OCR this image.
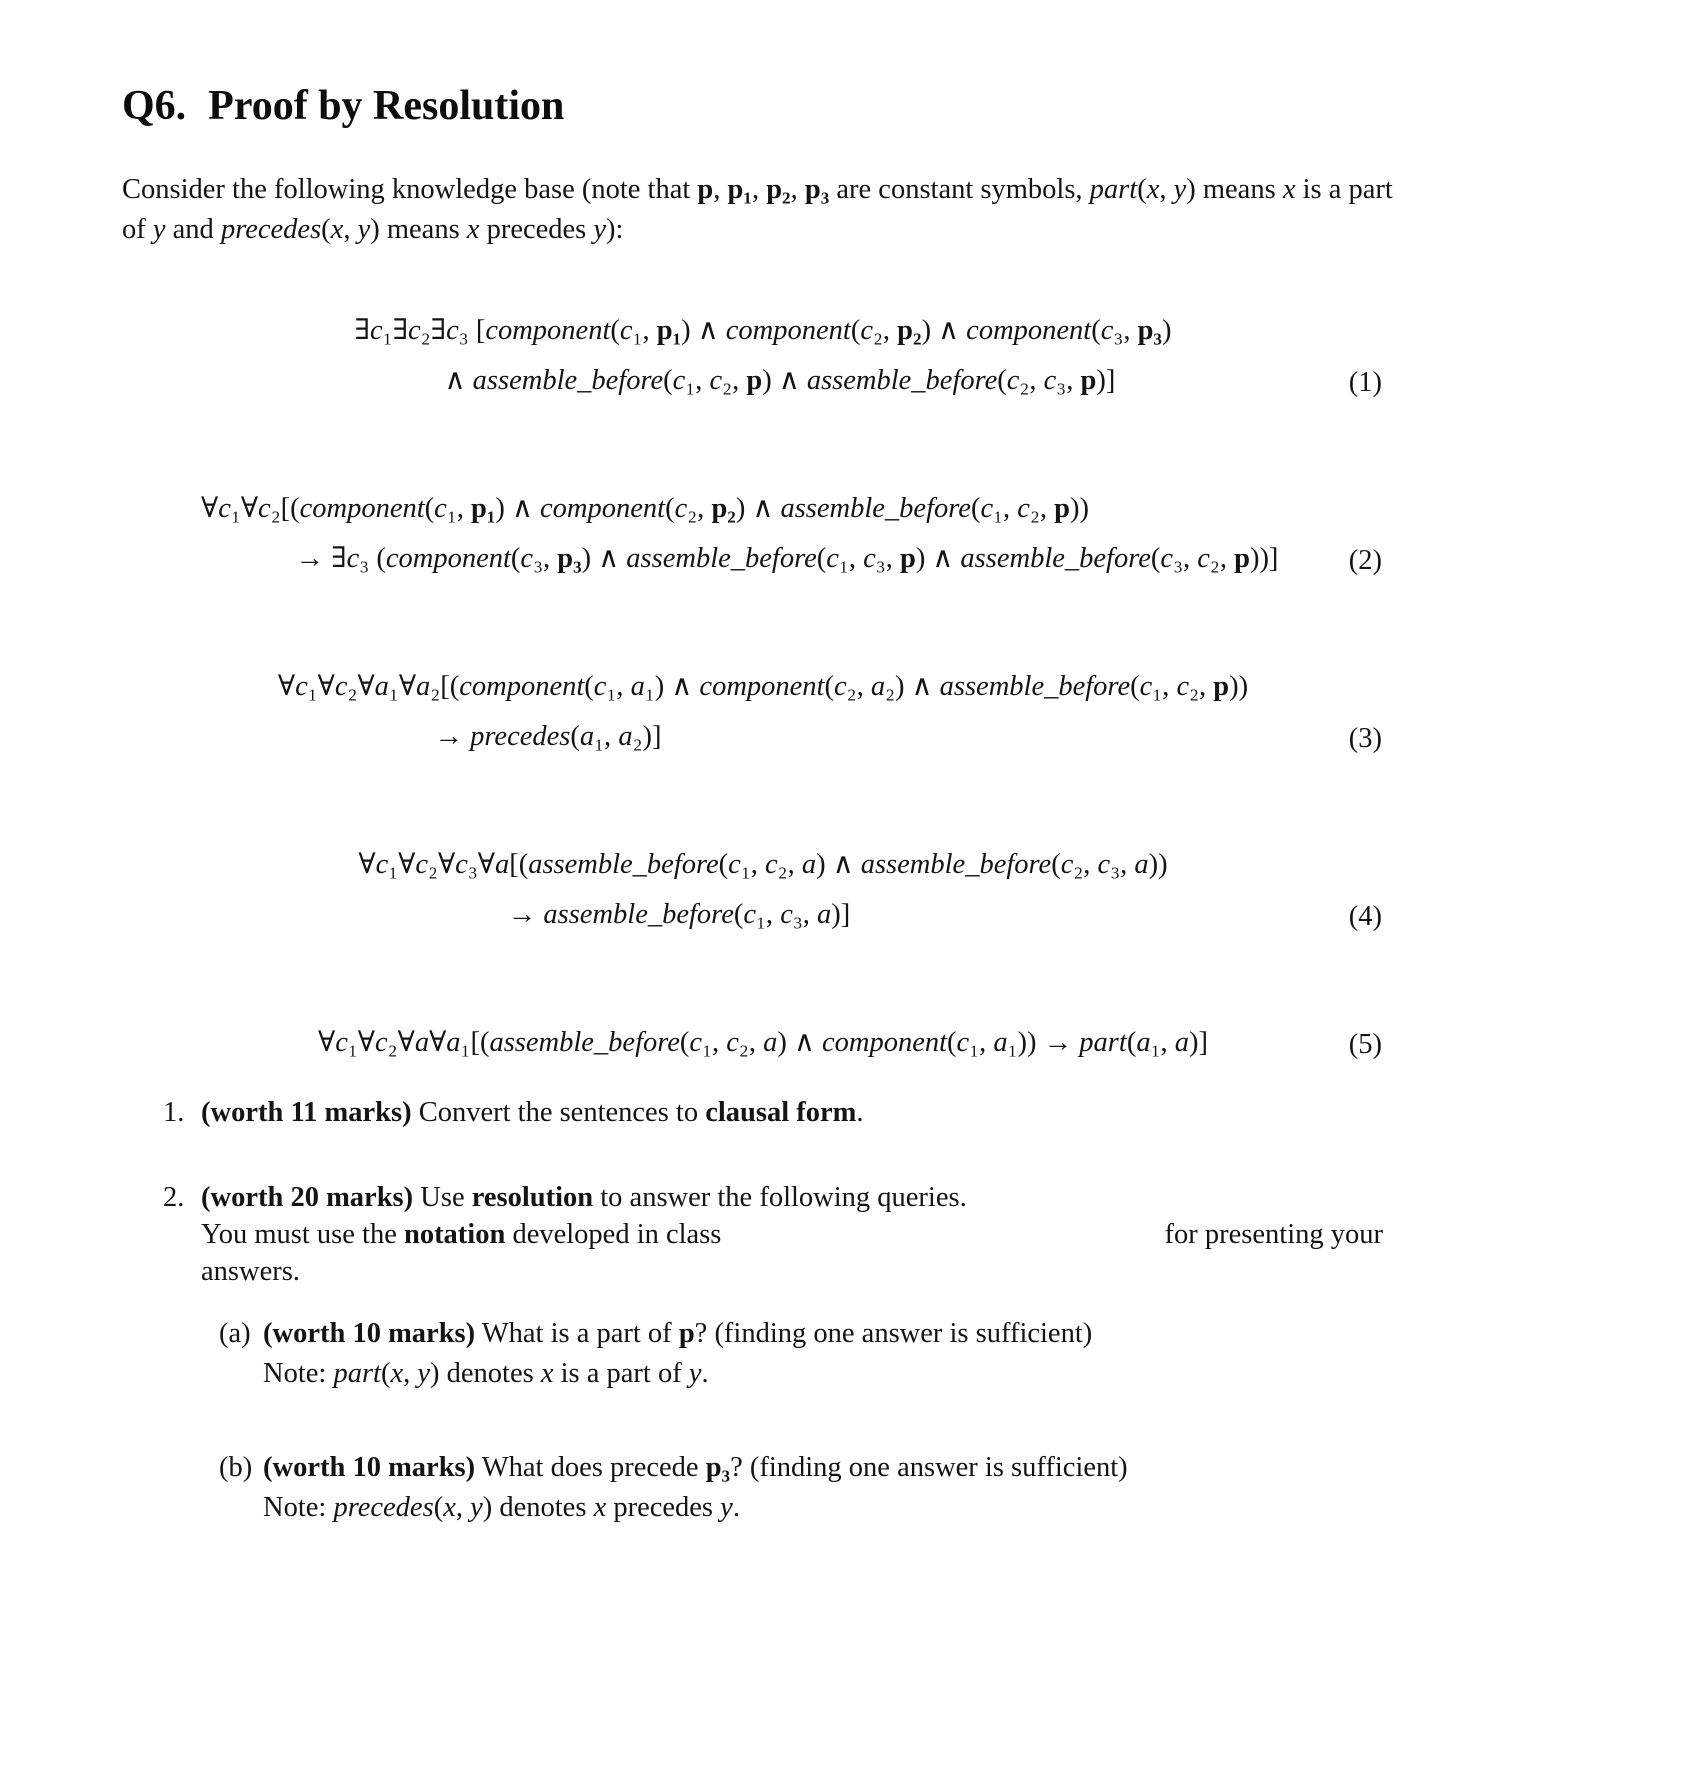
Q6. Proof by Resolution

Consider the following knowledge base (note that p, p₁, p₂, p₃ are constant symbols, part(x, y) means x is a part of y and precedes(x, y) means x precedes y):

∃c₁∃c₂∃c₃ [component(c₁, p₁) ∧ component(c₂, p₂) ∧ component(c₃, p₃)
∧ assemble_before(c₁, c₂, p) ∧ assemble_before(c₂, c₃, p)]	(1)
∀c₁∀c₂[(component(c₁, p₁) ∧ component(c₂, p₂) ∧ assemble_before(c₁, c₂, p))
→ ∃c₃ (component(c₃, p₃) ∧ assemble_before(c₁, c₃, p) ∧ assemble_before(c₃, c₂, p))]	(2)
∀c₁∀c₂∀a₁∀a₂[(component(c₁, a₁) ∧ component(c₂, a₂) ∧ assemble_before(c₁, c₂, p))
→ precedes(a₁, a₂)]	(3)
∀c₁∀c₂∀c₃∀a[(assemble_before(c₁, c₂, a) ∧ assemble_before(c₂, c₃, a))
→ assemble_before(c₁, c₃, a)]	(4)
∀c₁∀c₂∀a∀a₁[(assemble_before(c₁, c₂, a) ∧ component(c₁, a₁)) → part(a₁, a)]	(5)
1. (worth 11 marks) Convert the sentences to clausal form.
2. (worth 20 marks) Use resolution to answer the following queries.
You must use the notation developed in class	for presenting your
answers.
(a) (worth 10 marks) What is a part of p? (finding one answer is sufficient)
Note: part(x, y) denotes x is a part of y.
(b) (worth 10 marks) What does precede p₃? (finding one answer is sufficient)
Note: precedes(x, y) denotes x precedes y.
